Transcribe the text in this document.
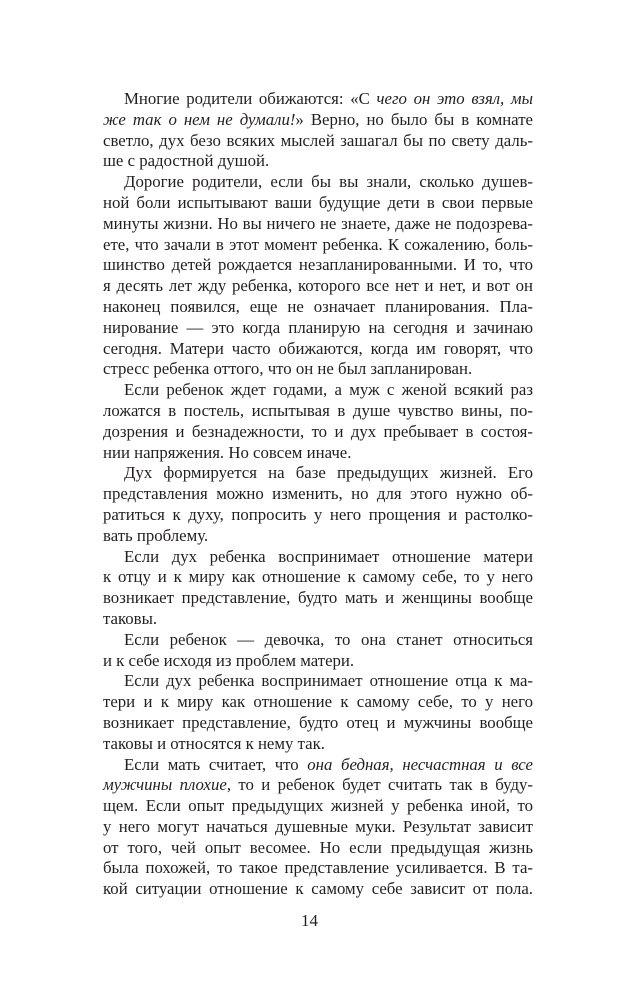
Многие родители обижаются: «С чего он это взял, мы
же так о нем не думали!» Верно, но было бы в комнате
светло, дух безо всяких мыслей зашагал бы по свету даль-
ше с радостной душой.
Дорогие родители, если бы вы знали, сколько душев-
ной боли испытывают ваши будущие дети в свои первые
минуты жизни. Но вы ничего не знаете, даже не подозрева-
ете, что зачали в этот момент ребенка. К сожалению, боль-
шинство детей рождается незапланированными. И то, что
я десять лет жду ребенка, которого все нет и нет, и вот он
наконец появился, еще не означает планирования. Пла-
нирование — это когда планирую на сегодня и зачинаю
сегодня. Матери часто обижаются, когда им говорят, что
стресс ребенка оттого, что он не был запланирован.
Если ребенок ждет годами, а муж с женой всякий раз
ложатся в постель, испытывая в душе чувство вины, по-
дозрения и безнадежности, то и дух пребывает в состоя-
нии напряжения. Но совсем иначе.
Дух формируется на базе предыдущих жизней. Его
представления можно изменить, но для этого нужно об-
ратиться к духу, попросить у него прощения и растолко-
вать проблему.
Если дух ребенка воспринимает отношение матери
к отцу и к миру как отношение к самому себе, то у него
возникает представление, будто мать и женщины вообще
таковы.
Если ребенок — девочка, то она станет относиться
и к себе исходя из проблем матери.
Если дух ребенка воспринимает отношение отца к ма-
тери и к миру как отношение к самому себе, то у него
возникает представление, будто отец и мужчины вообще
таковы и относятся к нему так.
Если мать считает, что она бедная, несчастная и все
мужчины плохие, то и ребенок будет считать так в буду-
щем. Если опыт предыдущих жизней у ребенка иной, то
у него могут начаться душевные муки. Результат зависит
от того, чей опыт весомее. Но если предыдущая жизнь
была похожей, то такое представление усиливается. В та-
кой ситуации отношение к самому себе зависит от пола.
14
